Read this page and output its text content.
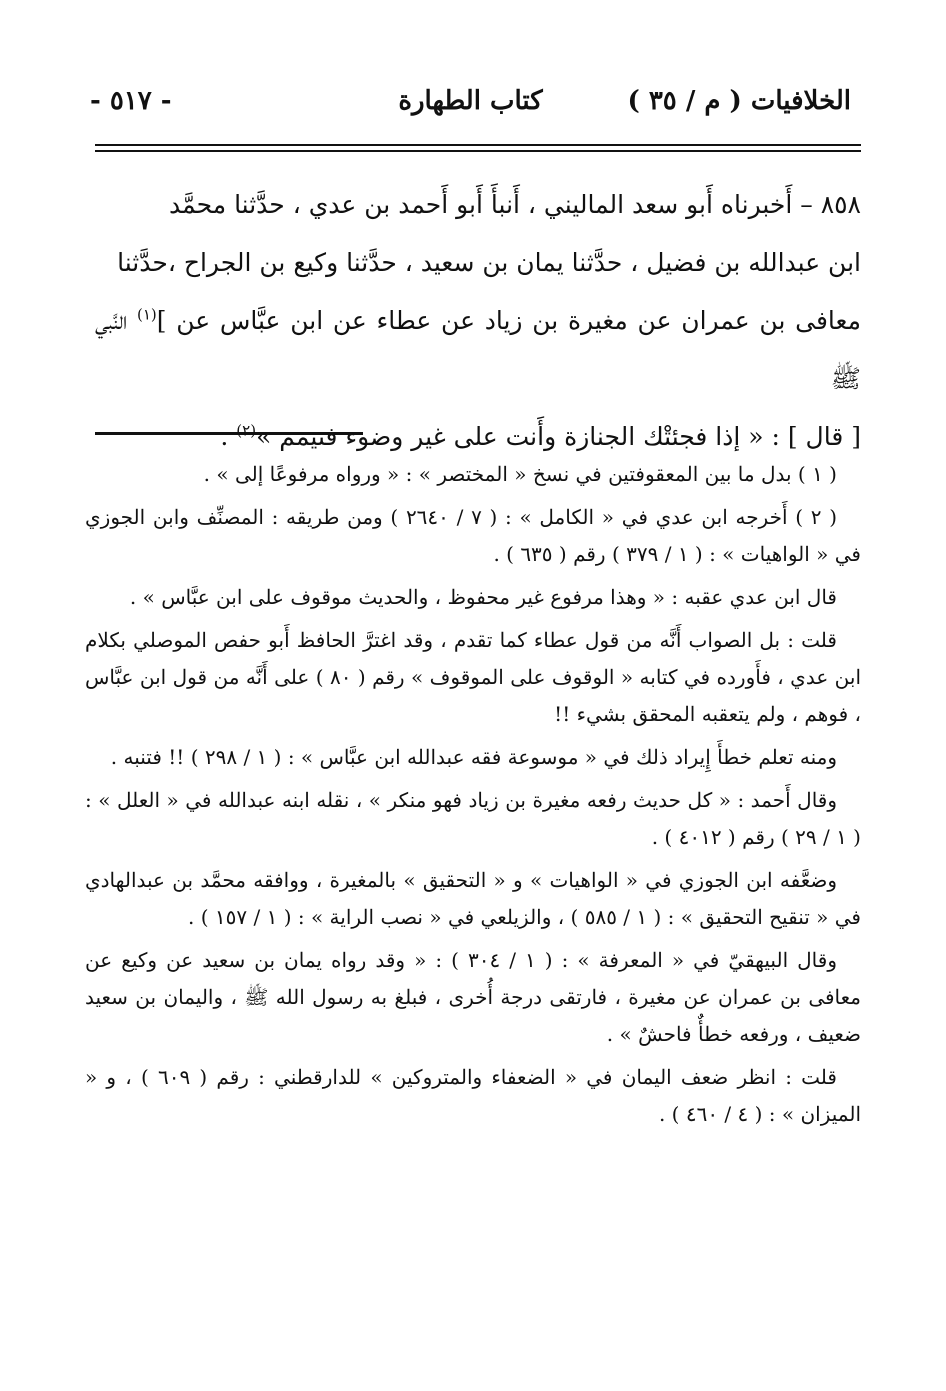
الخلافيات ( م / ٣٥ )
كتاب الطهارة
- ٥١٧ -

٨٥٨ – أَخبرناه أَبو سعد الماليني ، أَنبأَ أَبو أَحمد بن عدي ، حدَّثنا محمَّد

ابن عبدالله بن فضيل ، حدَّثنا يمان بن سعيد ، حدَّثنا وكيع بن الجراح ،حدَّثنا

معافى بن عمران عن مغيرة بن زياد عن عطاء عن ابن عبَّاس عن ]$^{(١)}$ النَّبي ﷺ

[ قال ] : « إذا فجئتْك الجنازة وأَنت على غير وضوء فتيمم »$^{(٢)}$ .

( ١ ) بدل ما بين المعقوفتين في نسخ « المختصر » : « ورواه مرفوعًا إلى » .

( ٢ ) أَخرجه ابن عدي في « الكامل » : ( ٧ / ٢٦٤٠ ) ومن طريقه : المصنِّف وابن الجوزي في « الواهيات » : ( ١ / ٣٧٩ ) رقم ( ٦٣٥ ) .

قال ابن عدي عقبه : « وهذا مرفوع غير محفوظ ، والحديث موقوف على ابن عبَّاس » .

قلت : بل الصواب أَنَّه من قول عطاء كما تقدم ، وقد اغترَّ الحافظ أَبو حفص الموصلي بكلام ابن عدي ، فأَورده في كتابه « الوقوف على الموقوف » رقم ( ٨٠ ) على أَنَّه من قول ابن عبَّاس ، فوهم ، ولم يتعقبه المحقق بشيء !!

ومنه تعلم خطأَ إِيراد ذلك في « موسوعة فقه عبدالله ابن عبَّاس » : ( ١ / ٢٩٨ ) !! فتنبه .

وقال أَحمد : « كل حديث رفعه مغيرة بن زياد فهو منكر » ، نقله ابنه عبدالله في « العلل » : ( ١ / ٢٩ ) رقم ( ٤٠١٢ ) .

وضعَّفه ابن الجوزي في « الواهيات » و « التحقيق » بالمغيرة ، ووافقه محمَّد بن عبدالهادي في « تنقيح التحقيق » : ( ١ / ٥٨٥ ) ، والزيلعي في « نصب الراية » : ( ١ / ١٥٧ ) .

وقال البيهقيّ في « المعرفة » : ( ١ / ٣٠٤ ) : « وقد رواه يمان بن سعيد عن وكيع عن معافى بن عمران عن مغيرة ، فارتقى درجة أُخرى ، فبلغ به رسول الله ﷺ ، واليمان بن سعيد ضعيف ، ورفعه خطأٌ فاحشٌ » .

قلت : انظر ضعف اليمان في « الضعفاء والمتروكين » للدارقطني : رقم ( ٦٠٩ ) ، و « الميزان » : ( ٤ / ٤٦٠ ) .
